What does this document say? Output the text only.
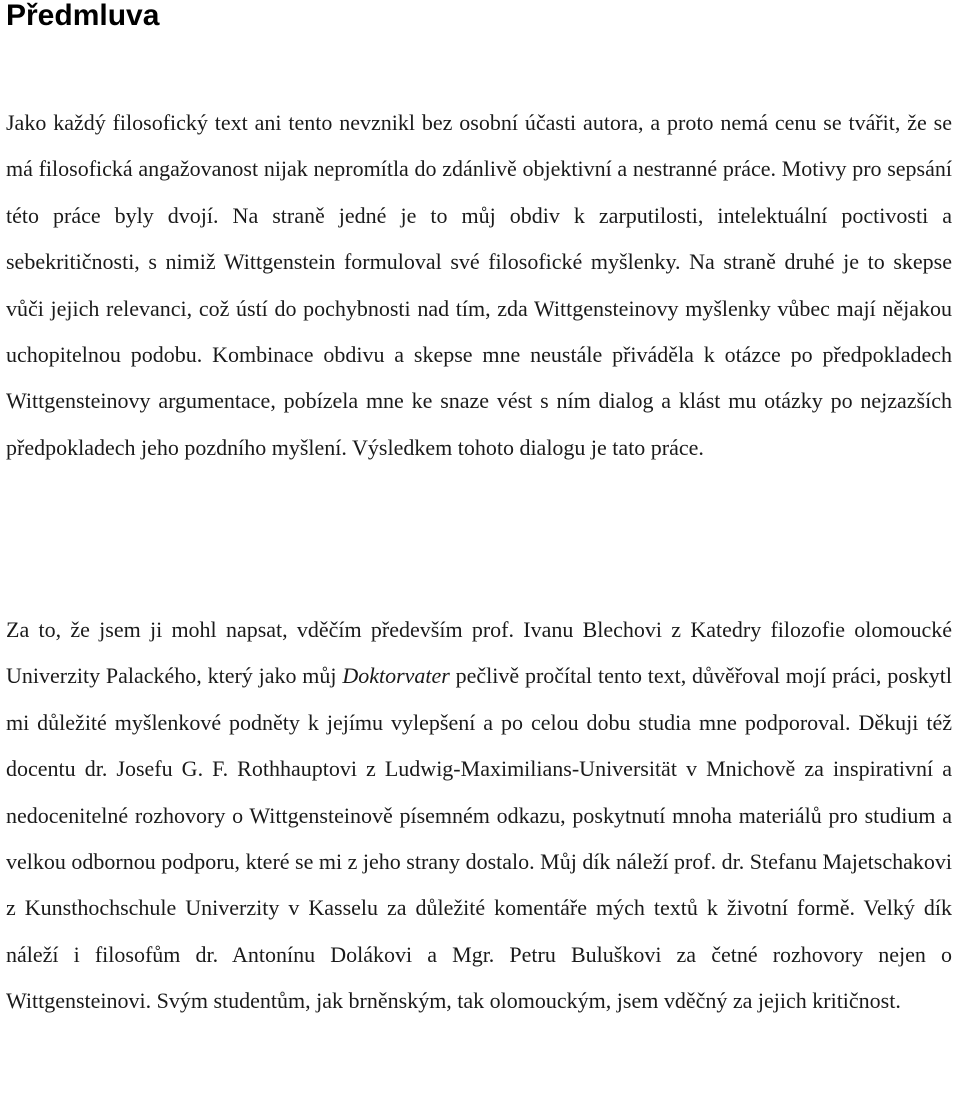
Předmluva

Jako každý filosofický text ani tento nevznikl bez osobní účasti autora, a proto nemá cenu se tvářit, že se má filosofická angažovanost nijak nepromítla do zdánlivě objektivní a nestranné práce. Motivy pro sepsání této práce byly dvojí. Na straně jedné je to můj obdiv k zarputilosti, intelektuální poctivosti a sebekritičnosti, s nimiž Wittgenstein formuloval své filosofické myšlenky. Na straně druhé je to skepse vůči jejich relevanci, což ústí do pochybnosti nad tím, zda Wittgensteinovy myšlenky vůbec mají nějakou uchopitelnou podobu. Kombinace obdivu a skepse mne neustále přiváděla k otázce po předpokladech Wittgensteinovy argumentace, pobízela mne ke snaze vést s ním dialog a klást mu otázky po nejzazších předpokladech jeho pozdního myšlení. Výsledkem tohoto dialogu je tato práce.

Za to, že jsem ji mohl napsat, vděčím především prof. Ivanu Blechovi z Katedry filozofie olomoucké Univerzity Palackého, který jako můj Doktorvater pečlivě pročítal tento text, důvěřoval mojí práci, poskytl mi důležité myšlenkové podněty k jejímu vylepšení a po celou dobu studia mne podporoval. Děkuji též docentu dr. Josefu G. F. Rothhauptovi z Ludwig-Maximilians-Universität v Mnichově za inspirativní a nedocenitelné rozhovory o Wittgensteinově písemném odkazu, poskytnutí mnoha materiálů pro studium a velkou odbornou podporu, které se mi z jeho strany dostalo. Můj dík náleží prof. dr. Stefanu Majetschakovi z Kunsthochschule Univerzity v Kasselu za důležité komentáře mých textů k životní formě. Velký dík náleží i filosofům dr. Antonínu Dolákovi a Mgr. Petru Buluškovi za četné rozhovory nejen o Wittgensteinovi. Svým studentům, jak brněnským, tak olomouckým, jsem vděčný za jejich kritičnost.
